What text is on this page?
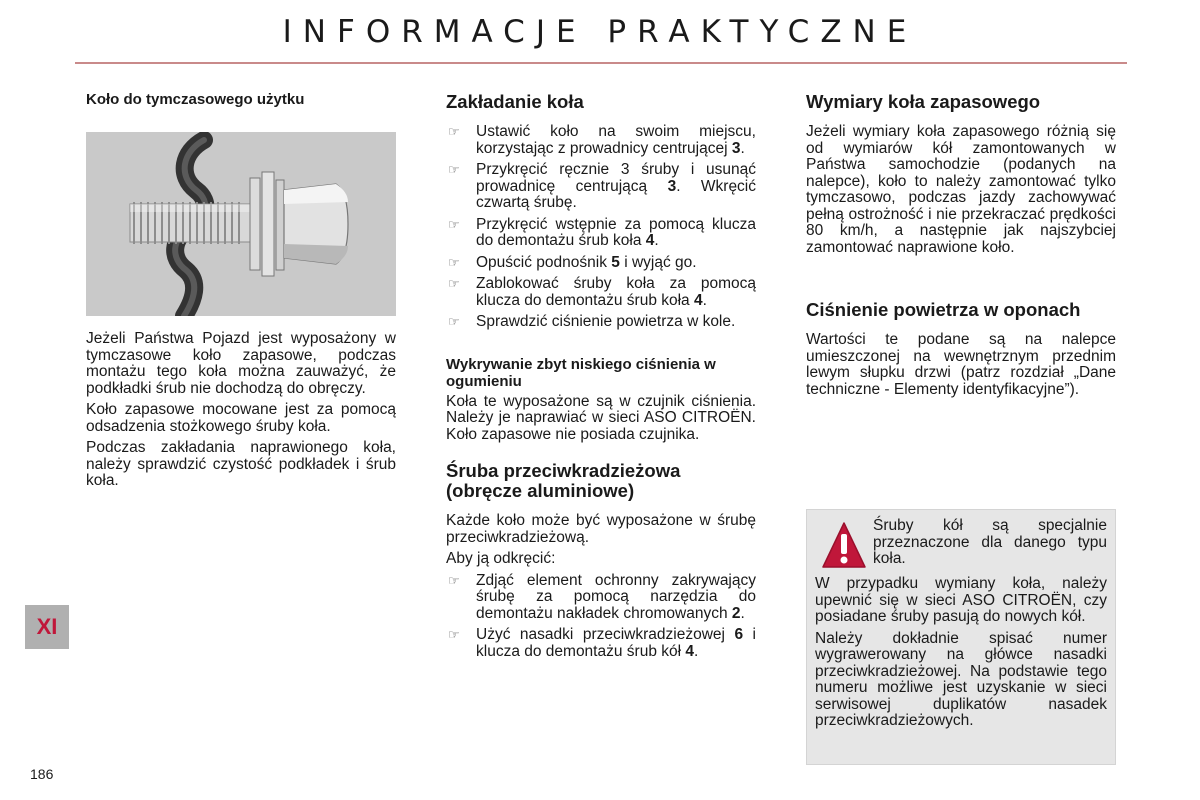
INFORMACJE PRAKTYCZNE
Koło do tymczasowego użytku

Jeżeli Państwa Pojazd jest wyposażony w tymczasowe koło zapasowe, podczas montażu tego koła można zauważyć, że podkładki śrub nie dochodzą do obręczy.

Koło zapasowe mocowane jest za pomocą odsadzenia stożkowego śruby koła.

Podczas zakładania naprawionego koła, należy sprawdzić czystość podkładek i śrub koła.

Zakładanie koła
☞ Ustawić koło na swoim miejscu, korzystając z prowadnicy centrującej 3.
☞ Przykręcić ręcznie 3 śruby i usunąć prowadnicę centrującą 3. Wkręcić czwartą śrubę.
☞ Przykręcić wstępnie za pomocą klucza do demontażu śrub koła 4.
☞ Opuścić podnośnik 5 i wyjąć go.
☞ Zablokować śruby koła za pomocą klucza do demontażu śrub koła 4.
☞ Sprawdzić ciśnienie powietrza w kole.
Wykrywanie zbyt niskiego ciśnienia w ogumieniu

Koła te wyposażone są w czujnik ciśnienia. Należy je naprawiać w sieci ASO CITROËN. Koło zapasowe nie posiada czujnika.

Śruba przeciwkradzieżowa (obręcze aluminiowe)

Każde koło może być wyposażone w śrubę przeciwkradzieżową.

Aby ją odkręcić:

☞ Zdjąć element ochronny zakrywający śrubę za pomocą narzędzia do demontażu nakładek chromowanych 2.
☞ Użyć nasadki przeciwkradzieżowej 6 i klucza do demontażu śrub kół 4.
Wymiary koła zapasowego

Jeżeli wymiary koła zapasowego różnią się od wymiarów kół zamontowanych w Państwa samochodzie (podanych na nalepce), koło to należy zamontować tylko tymczasowo, podczas jazdy zachowywać pełną ostrożność i nie przekraczać prędkości 80 km/h, a następnie jak najszybciej zamontować naprawione koło.

Ciśnienie powietrza w oponach

Wartości te podane są na nalepce umieszczonej na wewnętrznym przednim lewym słupku drzwi (patrz rozdział „Dane techniczne - Elementy identyfikacyjne”).

Śruby kół są specjalnie przeznaczone dla danego typu koła.

W przypadku wymiany koła, należy upewnić się w sieci ASO CITROËN, czy posiadane śruby pasują do nowych kół.

Należy dokładnie spisać numer wygrawerowany na główce nasadki przeciwkradzieżowej. Na podstawie tego numeru możliwe jest uzyskanie w sieci serwisowej duplikatów nasadek przeciwkradzieżowych.

XI
186
